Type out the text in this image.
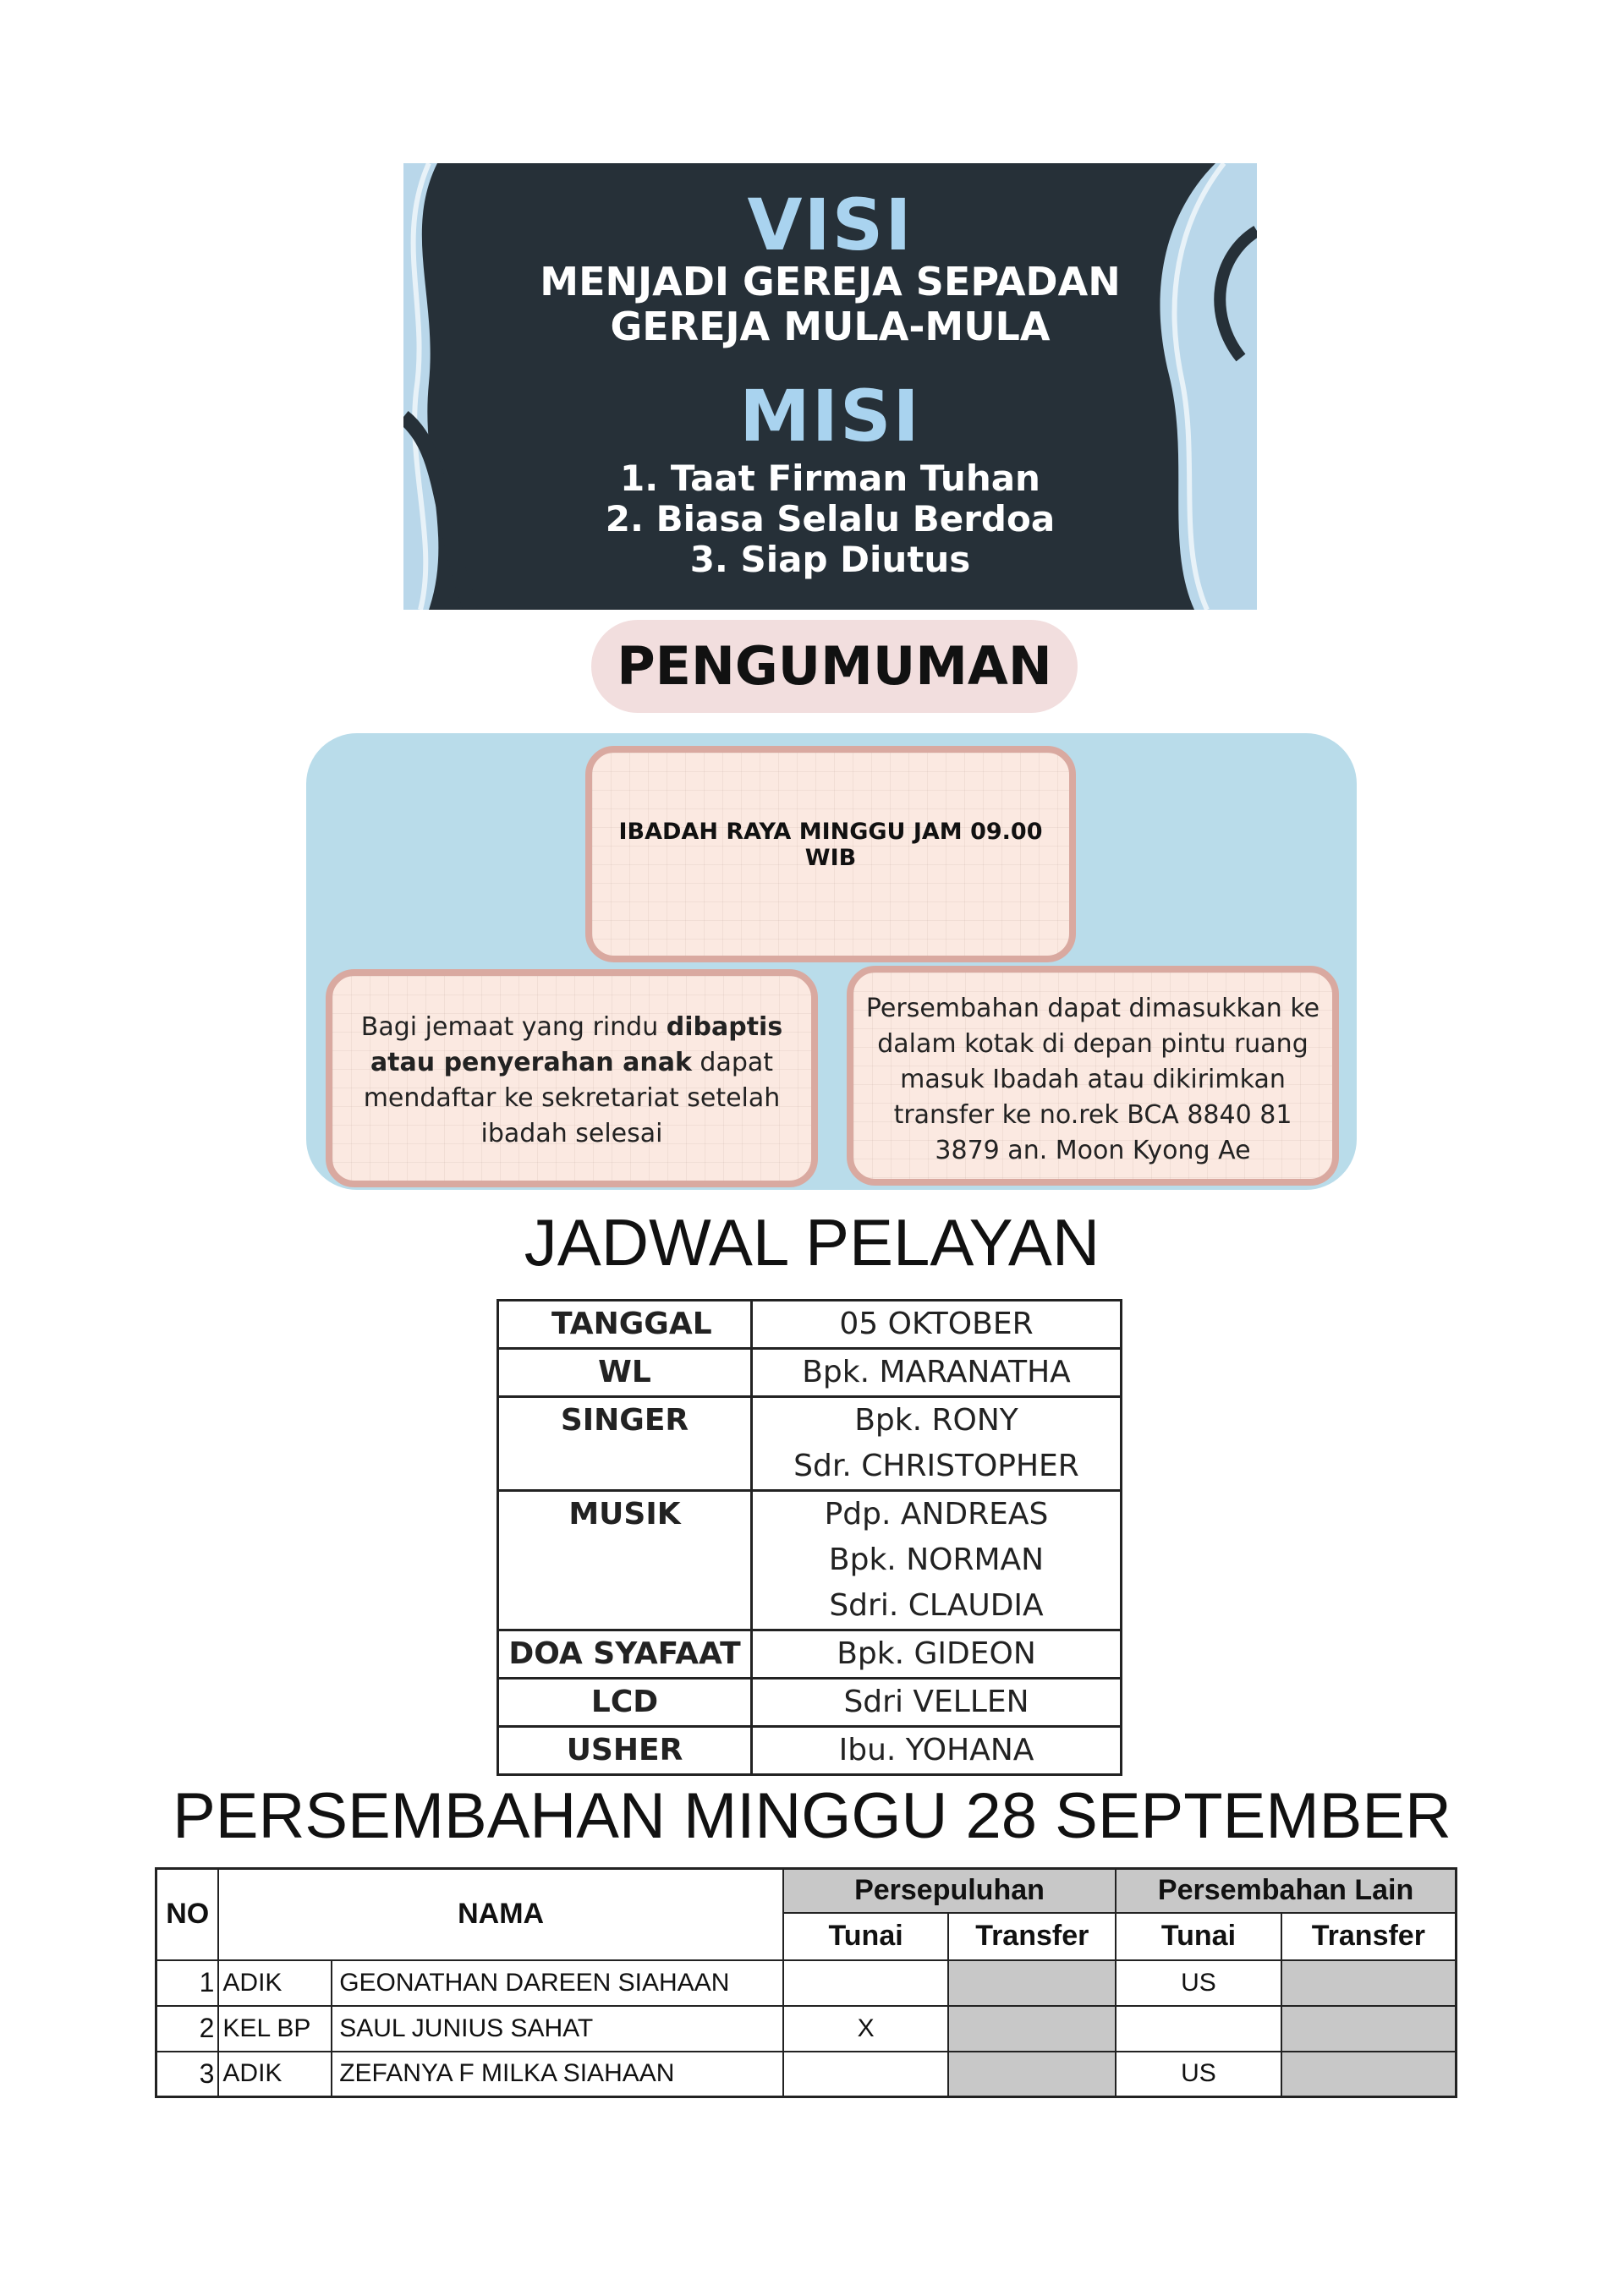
VISI
MENJADI GEREJA SEPADAN
GEREJA MULA-MULA
MISI
1. Taat Firman Tuhan
2. Biasa Selalu Berdoa
3. Siap Diutus
PENGUMUMAN
IBADAH RAYA MINGGU JAM 09.00 WIB
Bagi jemaat yang rindu dibaptis atau penyerahan anak dapat mendaftar ke sekretariat setelah ibadah selesai
Persembahan dapat dimasukkan ke dalam kotak di depan pintu ruang masuk Ibadah atau dikirimkan transfer ke no.rek BCA 8840 81 3879 an. Moon Kyong Ae
JADWAL PELAYAN
TANGGAL	05 OKTOBER
WL	Bpk. MARANATHA
SINGER	Bpk. RONY
Sdr. CHRISTOPHER
MUSIK	Pdp. ANDREAS
Bpk. NORMAN
Sdri. CLAUDIA
DOA SYAFAAT	Bpk. GIDEON
LCD	Sdri VELLEN
USHER	Ibu. YOHANA
PERSEMBAHAN MINGGU 28 SEPTEMBER
NO	NAMA		Persepuluhan		Persembahan Lain	
			Tunai	Transfer	Tunai	Transfer
1	ADIK	GEONATHAN DAREEN SIAHAAN			US	
2	KEL BP	SAUL JUNIUS SAHAT	X			
3	ADIK	ZEFANYA F MILKA SIAHAAN			US	
